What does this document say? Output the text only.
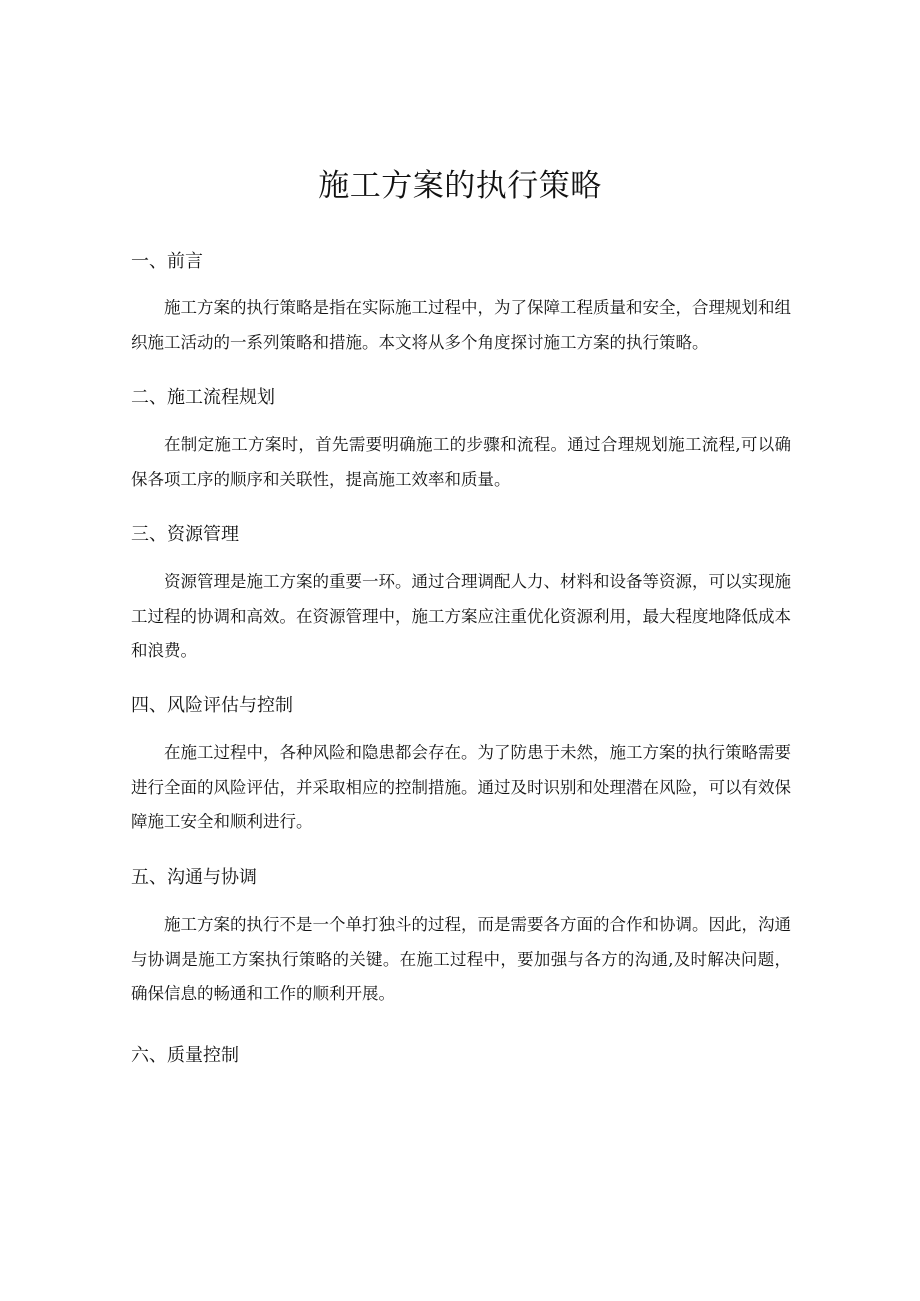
施工方案的执行策略
一、前言

施工方案的执行策略是指在实际施工过程中，为了保障工程质量和安全，合理规划和组织施工活动的一系列策略和措施。本文将从多个角度探讨施工方案的执行策略。

二、施工流程规划

在制定施工方案时，首先需要明确施工的步骤和流程。通过合理规划施工流程,可以确保各项工序的顺序和关联性，提高施工效率和质量。

三、资源管理

资源管理是施工方案的重要一环。通过合理调配人力、材料和设备等资源，可以实现施工过程的协调和高效。在资源管理中，施工方案应注重优化资源利用，最大程度地降低成本和浪费。

四、风险评估与控制

在施工过程中，各种风险和隐患都会存在。为了防患于未然，施工方案的执行策略需要进行全面的风险评估，并采取相应的控制措施。通过及时识别和处理潜在风险，可以有效保障施工安全和顺利进行。

五、沟通与协调

施工方案的执行不是一个单打独斗的过程，而是需要各方面的合作和协调。因此，沟通与协调是施工方案执行策略的关键。在施工过程中，要加强与各方的沟通,及时解决问题，确保信息的畅通和工作的顺利开展。

六、质量控制
